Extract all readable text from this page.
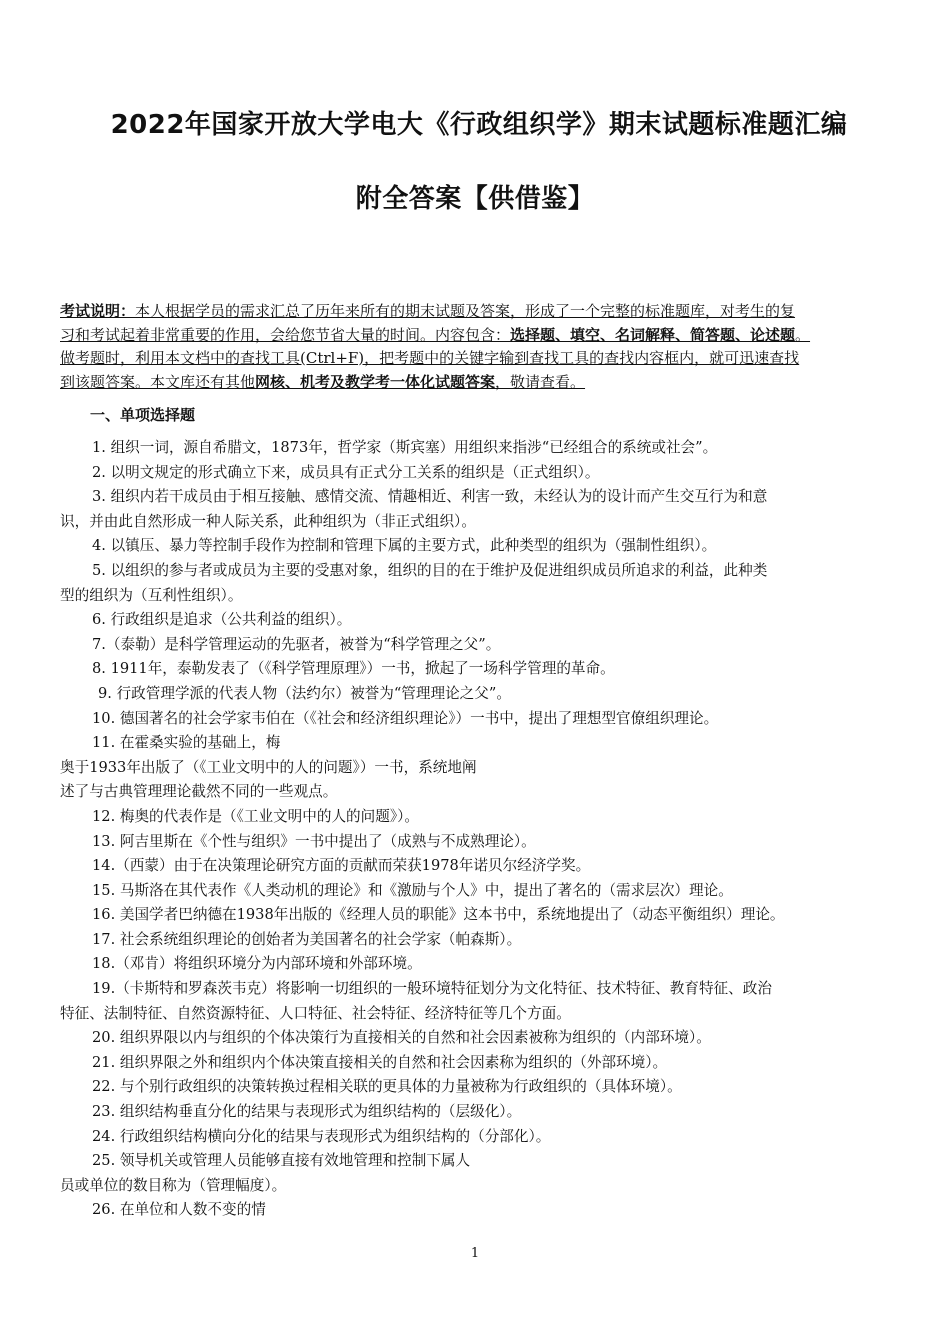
2022年国家开放大学电大《行政组织学》期末试题标准题汇编
附全答案【供借鉴】
考试说明：本人根据学员的需求汇总了历年来所有的期末试题及答案，形成了一个完整的标准题库，对考生的复
习和考试起着非常重要的作用，会给您节省大量的时间。内容包含：选择题、填空、名词解释、简答题、论述题。
做考题时，利用本文档中的查找工具(Ctrl+F)，把考题中的关键字输到查找工具的查找内容框内，就可迅速查找
到该题答案。本文库还有其他网核、机考及教学考一体化试题答案，敬请查看。
一、单项选择题
1. 组织一词，源自希腊文，1873年，哲学家（斯宾塞）用组织来指涉“已经组合的系统或社会”。
2. 以明文规定的形式确立下来，成员具有正式分工关系的组织是（正式组织）。
3. 组织内若干成员由于相互接触、感情交流、情趣相近、利害一致，未经认为的设计而产生交互行为和意
识，并由此自然形成一种人际关系，此种组织为（非正式组织）。
4. 以镇压、暴力等控制手段作为控制和管理下属的主要方式，此种类型的组织为（强制性组织）。
5. 以组织的参与者或成员为主要的受惠对象，组织的目的在于维护及促进组织成员所追求的利益，此种类
型的组织为（互利性组织）。
6. 行政组织是追求（公共利益的组织）。
7.（泰勒）是科学管理运动的先驱者，被誉为“科学管理之父”。
8. 1911年，泰勒发表了（《科学管理原理》）一书，掀起了一场科学管理的革命。
9. 行政管理学派的代表人物（法约尔）被誉为“管理理论之父”。
10. 德国著名的社会学家韦伯在（《社会和经济组织理论》）一书中，提出了理想型官僚组织理论。
11. 在霍桑实验的基础上，梅
奥于1933年出版了（《工业文明中的人的问题》）一书，系统地阐
述了与古典管理理论截然不同的一些观点。
12. 梅奥的代表作是（《工业文明中的人的问题》）。
13. 阿吉里斯在《个性与组织》一书中提出了（成熟与不成熟理论）。
14.（西蒙）由于在决策理论研究方面的贡献而荣获1978年诺贝尔经济学奖。
15. 马斯洛在其代表作《人类动机的理论》和《激励与个人》中，提出了著名的（需求层次）理论。
16. 美国学者巴纳德在1938年出版的《经理人员的职能》这本书中，系统地提出了（动态平衡组织）理论。
17. 社会系统组织理论的创始者为美国著名的社会学家（帕森斯）。
18.（邓肯）将组织环境分为内部环境和外部环境。
19.（卡斯特和罗森茨韦克）将影响一切组织的一般环境特征划分为文化特征、技术特征、教育特征、政治
特征、法制特征、自然资源特征、人口特征、社会特征、经济特征等几个方面。
20. 组织界限以内与组织的个体决策行为直接相关的自然和社会因素被称为组织的（内部环境）。
21. 组织界限之外和组织内个体决策直接相关的自然和社会因素称为组织的（外部环境）。
22. 与个别行政组织的决策转换过程相关联的更具体的力量被称为行政组织的（具体环境）。
23. 组织结构垂直分化的结果与表现形式为组织结构的（层级化）。
24. 行政组织结构横向分化的结果与表现形式为组织结构的（分部化）。
25. 领导机关或管理人员能够直接有效地管理和控制下属人
员或单位的数目称为（管理幅度）。
26. 在单位和人数不变的情
1
